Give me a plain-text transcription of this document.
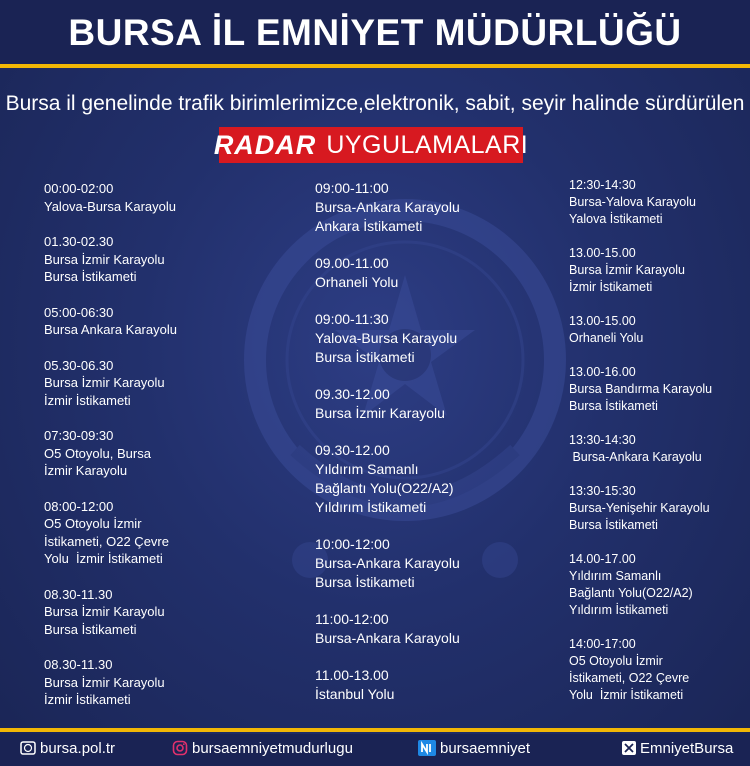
BURSA İL EMNİYET MÜDÜRLÜĞÜ
Bursa il genelinde trafik birimlerimizce,elektronik, sabit, seyir halinde sürdürülen
RADAR UYGULAMALARI
00:00-02:00
Yalova-Bursa Karayolu
01.30-02.30
Bursa İzmir Karayolu
Bursa İstikameti
05:00-06:30
Bursa Ankara Karayolu
05.30-06.30
Bursa İzmir Karayolu
İzmir İstikameti
07:30-09:30
O5 Otoyolu, Bursa
İzmir Karayolu
08:00-12:00
O5 Otoyolu İzmir
İstikameti, O22 Çevre
Yolu  İzmir İstikameti
08.30-11.30
Bursa İzmir Karayolu
Bursa İstikameti
08.30-11.30
Bursa İzmir Karayolu
İzmir İstikameti
09:00-11:00
Bursa-Ankara Karayolu
Ankara İstikameti
09.00-11.00
Orhaneli Yolu
09:00-11:30
Yalova-Bursa Karayolu
Bursa İstikameti
09.30-12.00
Bursa İzmir Karayolu
09.30-12.00
Yıldırım Samanlı
Bağlantı Yolu(O22/A2)
Yıldırım İstikameti
10:00-12:00
Bursa-Ankara Karayolu
Bursa İstikameti
11:00-12:00
Bursa-Ankara Karayolu
11.00-13.00
İstanbul Yolu
12:30-14:30
Bursa-Yalova Karayolu
Yalova İstikameti
13.00-15.00
Bursa İzmir Karayolu
İzmir İstikameti
13.00-15.00
Orhaneli Yolu
13.00-16.00
Bursa Bandırma Karayolu
Bursa İstikameti
13:30-14:30
Bursa-Ankara Karayolu
13:30-15:30
Bursa-Yenişehir Karayolu
Bursa İstikameti
14.00-17.00
Yıldırım Samanlı
Bağlantı Yolu(O22/A2)
Yıldırım İstikameti
14:00-17:00
O5 Otoyolu İzmir
İstikameti, O22 Çevre
Yolu  İzmir İstikameti
bursa.pol.tr	bursaemniyetmudurlugu	bursaemniyet	EmniyetBursa
